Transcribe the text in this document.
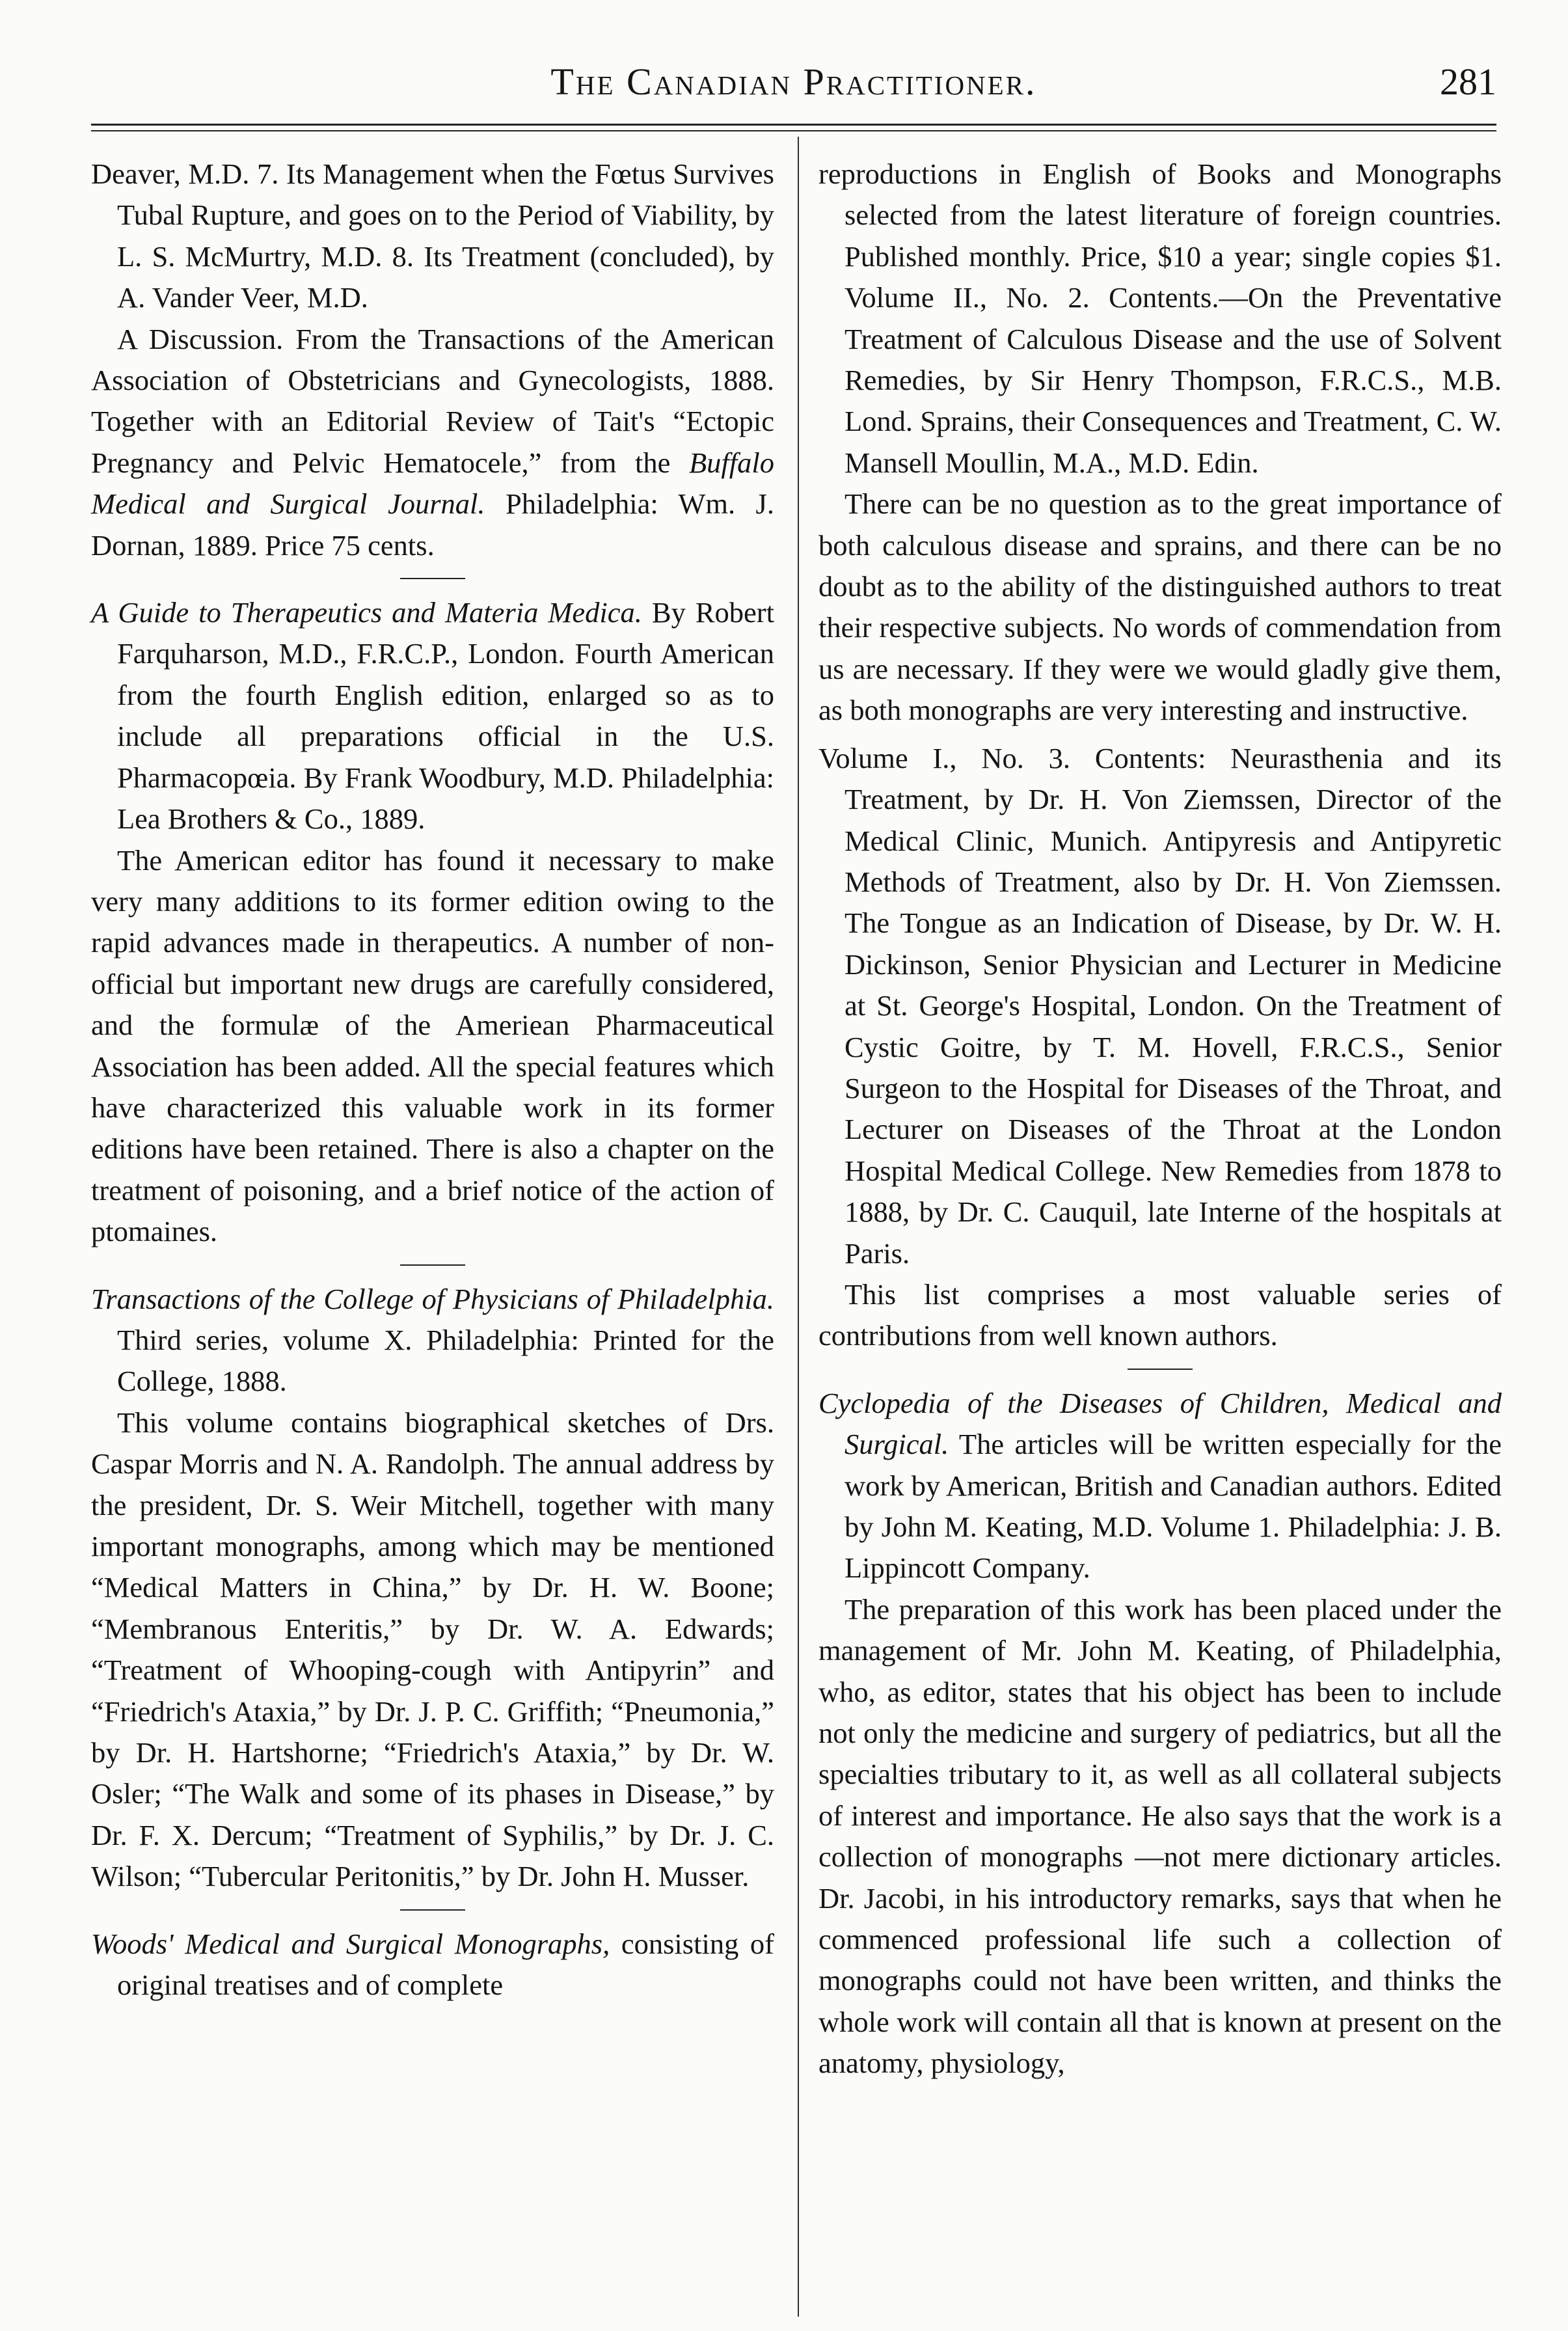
The Canadian Practitioner.	281

Deaver, M.D. 7. Its Management when the Fœtus Survives Tubal Rupture, and goes on to the Period of Viability, by L. S. McMurtry, M.D. 8. Its Treatment (concluded), by A. Vander Veer, M.D.

A Discussion. From the Transactions of the American Association of Obstetricians and Gynecologists, 1888. Together with an Editorial Review of Tait's “Ectopic Pregnancy and Pelvic Hematocele,” from the Buffalo Medical and Surgical Journal. Philadelphia: Wm. J. Dornan, 1889. Price 75 cents.

A Guide to Therapeutics and Materia Medica. By Robert Farquharson, M.D., F.R.C.P., London. Fourth American from the fourth English edition, enlarged so as to include all preparations official in the U.S. Pharmacopœia. By Frank Woodbury, M.D. Philadelphia: Lea Brothers & Co., 1889.

The American editor has found it necessary to make very many additions to its former edition owing to the rapid advances made in therapeutics. A number of non-official but important new drugs are carefully considered, and the formulæ of the Ameriean Pharmaceutical Association has been added. All the special features which have characterized this valuable work in its former editions have been retained. There is also a chapter on the treatment of poisoning, and a brief notice of the action of ptomaines.

Transactions of the College of Physicians of Philadelphia. Third series, volume X. Philadelphia: Printed for the College, 1888.

This volume contains biographical sketches of Drs. Caspar Morris and N. A. Randolph. The annual address by the president, Dr. S. Weir Mitchell, together with many important monographs, among which may be mentioned “Medical Matters in China,” by Dr. H. W. Boone; “Membranous Enteritis,” by Dr. W. A. Edwards; “Treatment of Whooping-cough with Antipyrin” and “Friedrich's Ataxia,” by Dr. J. P. C. Griffith; “Pneumonia,” by Dr. H. Hartshorne; “Friedrich's Ataxia,” by Dr. W. Osler; “The Walk and some of its phases in Disease,” by Dr. F. X. Dercum; “Treatment of Syphilis,” by Dr. J. C. Wilson; “Tubercular Peritonitis,” by Dr. John H. Musser.

Woods' Medical and Surgical Monographs, consisting of original treatises and of complete

reproductions in English of Books and Monographs selected from the latest literature of foreign countries. Published monthly. Price, $10 a year; single copies $1. Volume II., No. 2. Contents.—On the Preventative Treatment of Calculous Disease and the use of Solvent Remedies, by Sir Henry Thompson, F.R.C.S., M.B. Lond. Sprains, their Consequences and Treatment, C. W. Mansell Moullin, M.A., M.D. Edin.

There can be no question as to the great importance of both calculous disease and sprains, and there can be no doubt as to the ability of the distinguished authors to treat their respective subjects. No words of commendation from us are necessary. If they were we would gladly give them, as both monographs are very interesting and instructive.

Volume I., No. 3. Contents: Neurasthenia and its Treatment, by Dr. H. Von Ziemssen, Director of the Medical Clinic, Munich. Antipyresis and Antipyretic Methods of Treatment, also by Dr. H. Von Ziemssen. The Tongue as an Indication of Disease, by Dr. W. H. Dickinson, Senior Physician and Lecturer in Medicine at St. George's Hospital, London. On the Treatment of Cystic Goitre, by T. M. Hovell, F.R.C.S., Senior Surgeon to the Hospital for Diseases of the Throat, and Lecturer on Diseases of the Throat at the London Hospital Medical College. New Remedies from 1878 to 1888, by Dr. C. Cauquil, late Interne of the hospitals at Paris.

This list comprises a most valuable series of contributions from well known authors.

Cyclopedia of the Diseases of Children, Medical and Surgical. The articles will be written especially for the work by American, British and Canadian authors. Edited by John M. Keating, M.D. Volume 1. Philadelphia: J. B. Lippincott Company.

The preparation of this work has been placed under the management of Mr. John M. Keating, of Philadelphia, who, as editor, states that his object has been to include not only the medicine and surgery of pediatrics, but all the specialties tributary to it, as well as all collateral subjects of interest and importance. He also says that the work is a collection of monographs —not mere dictionary articles. Dr. Jacobi, in his introductory remarks, says that when he commenced professional life such a collection of monographs could not have been written, and thinks the whole work will contain all that is known at present on the anatomy, physiology,
